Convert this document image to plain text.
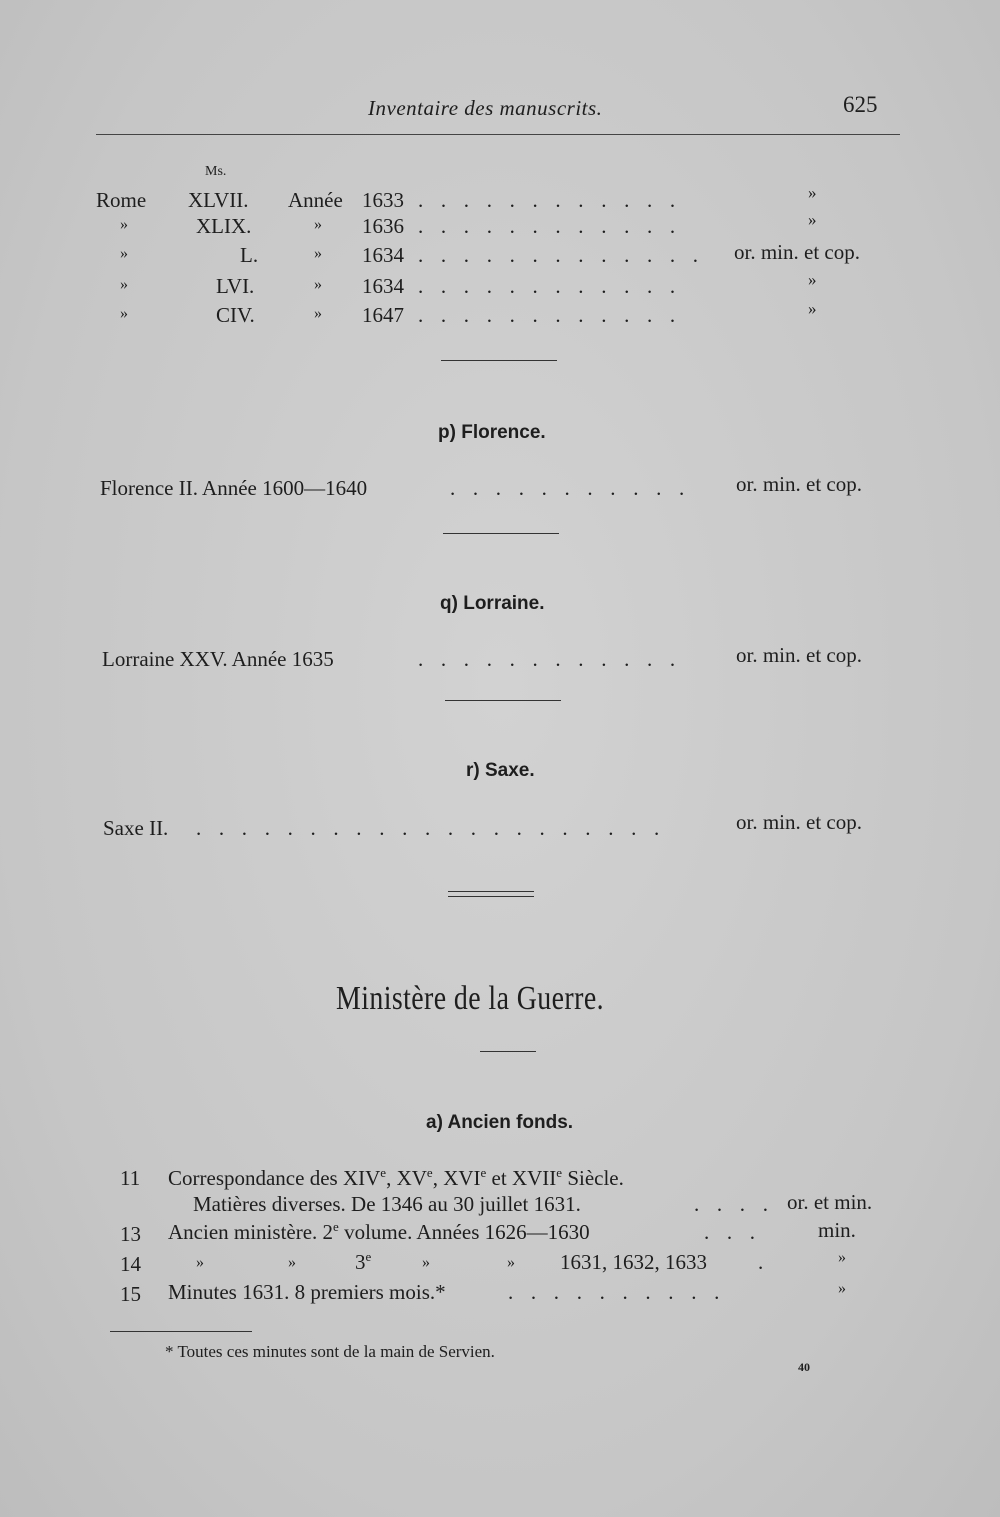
Inventaire des manuscrits.	625
Ms.
Rome XLVII. Année 1633 . . . . . . . . . . . .	»
»	XLIX.	» 1636 . . . . . . . . . . . .	»
»	L.	» 1634 . . . . . . . . . . . . . or. min. et cop.
»	LVI.	» 1634 . . . . . . . . . . . .	»
»	CIV.	» 1647 . . . . . . . . . . . .	»
p) Florence.
Florence II. Année 1600—1640	. . . . . . . . . . . or. min. et cop.
q) Lorraine.
Lorraine XXV. Année 1635	. . . . . . . . . . . .	or. min. et cop.
r) Saxe.
Saxe II. . . . . . . . . . . . . . . . . . . . . .	or. min. et cop.
Ministère de la Guerre.
a) Ancien fonds.
11 Correspondance des XIVe, XVe, XVIe et XVIIe Siècle.
Matières diverses. De 1346 au 30 juillet 1631.	. . . . or. et min.
13 Ancien ministère. 2e volume. Années 1626—1630	. . .	min.
14	»	»	3e	»	» 1631, 1632, 1633 .	»
15 Minutes 1631. 8 premiers mois.*	. . . . . . . . . .	»
* Toutes ces minutes sont de la main de Servien.
40
